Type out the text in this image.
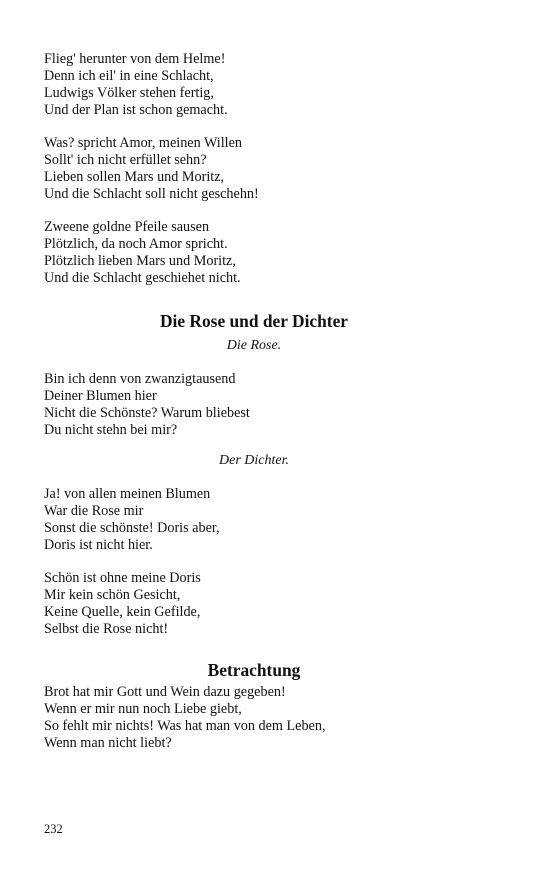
Flieg' herunter von dem Helme!
Denn ich eil' in eine Schlacht,
Ludwigs Völker stehen fertig,
Und der Plan ist schon gemacht.
Was? spricht Amor, meinen Willen
Sollt' ich nicht erfüllet sehn?
Lieben sollen Mars und Moritz,
Und die Schlacht soll nicht geschehn!
Zweene goldne Pfeile sausen
Plötzlich, da noch Amor spricht.
Plötzlich lieben Mars und Moritz,
Und die Schlacht geschiehet nicht.
Die Rose und der Dichter
Die Rose.
Bin ich denn von zwanzigtausend
Deiner Blumen hier
Nicht die Schönste? Warum bliebest
Du nicht stehn bei mir?
Der Dichter.
Ja! von allen meinen Blumen
War die Rose mir
Sonst die schönste! Doris aber,
Doris ist nicht hier.
Schön ist ohne meine Doris
Mir kein schön Gesicht,
Keine Quelle, kein Gefilde,
Selbst die Rose nicht!
Betrachtung
Brot hat mir Gott und Wein dazu gegeben!
Wenn er mir nun noch Liebe giebt,
So fehlt mir nichts! Was hat man von dem Leben,
Wenn man nicht liebt?
232
